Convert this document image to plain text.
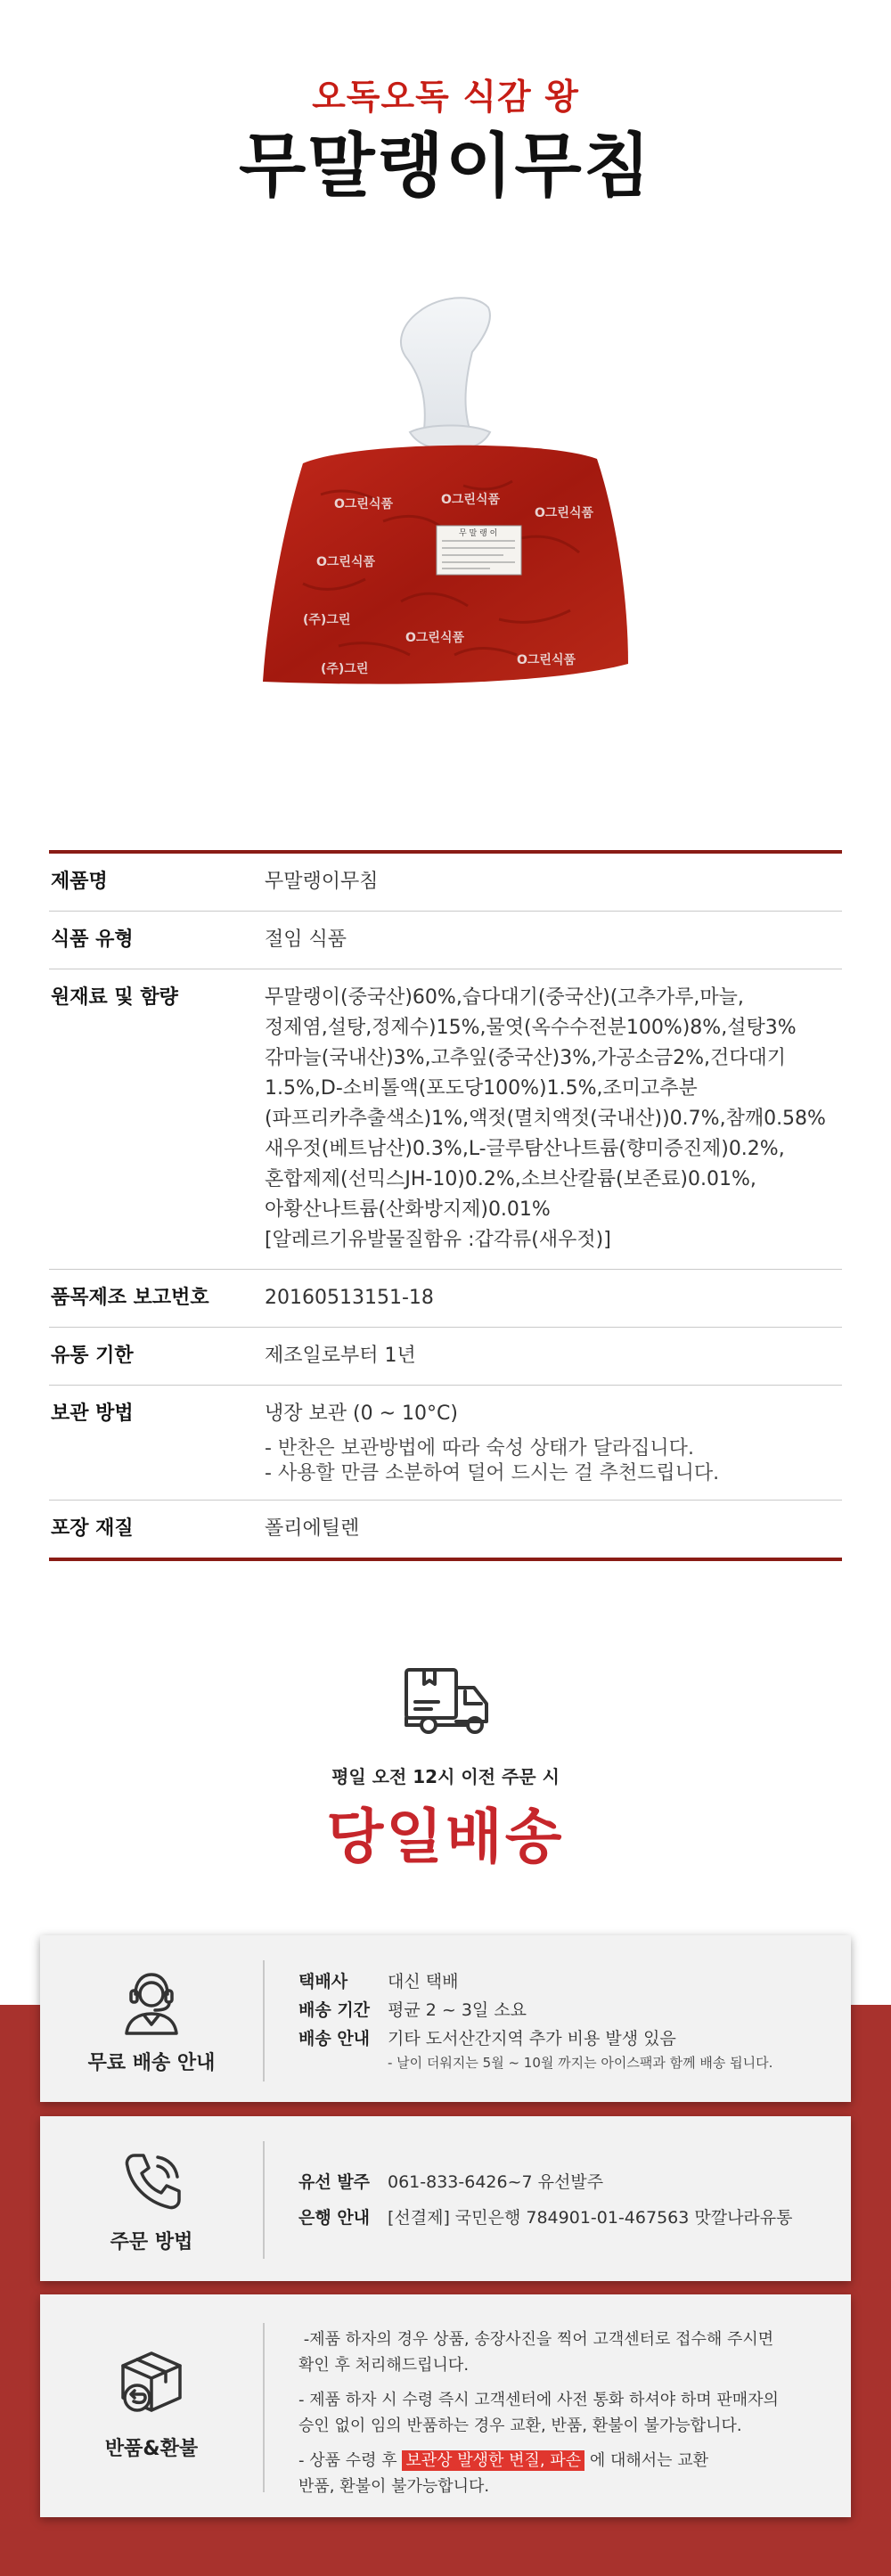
오독오독 식감 왕
무말랭이무침
O그린식품	O그린식품
O그린식품
O그린식품
(주)그린
O그린식품
O그린식품
(주)그린
무 말 랭 이
제품명	무말랭이무침
식품 유형	절임 식품
원재료 및 함량	무말랭이(중국산)60%,습다대기(중국산)(고추가루,마늘,
정제염,설탕,정제수)15%,물엿(옥수수전분100%)8%,설탕3%
갂마늘(국내산)3%,고추잎(중국산)3%,가공소금2%,건다대기
1.5%,D-소비톨액(포도당100%)1.5%,조미고추분
(파프리카추출색소)1%,액젓(멸치액젓(국내산))0.7%,참깨0.58%
새우젓(베트남산)0.3%,L-글루탐산나트륨(향미증진제)0.2%,
혼합제제(선믹스JH-10)0.2%,소브산칼륨(보존료)0.01%,
아황산나트륨(산화방지제)0.01%
[알레르기유발물질함유 :갑각류(새우젓)]
품목제조 보고번호	20160513151-18
유통 기한	제조일로부터 1년
보관 방법	냉장 보관 (0 ~ 10°C)
- 반찬은 보관방법에 따라 숙성 상태가 달라집니다.
- 사용할 만큼 소분하여 덜어 드시는 걸 추천드립니다.
포장 재질	폴리에틸렌
평일 오전 12시 이전 주문 시
당일배송
무료 배송 안내
택배사	대신 택배
배송 기간	평균 2 ~ 3일 소요
배송 안내	기타 도서산간지역 추가 비용 발생 있음
- 날이 더워지는 5월 ~ 10월 까지는 아이스팩과 함께 배송 됩니다.
주문 방법
유선 발주	061-833-6426~7 유선발주
은행 안내	[선결제] 국민은행 784901-01-467563 맛깔나라유통
반품&환불
-제품 하자의 경우 상품, 송장사진을 찍어 고객센터로 접수해 주시면
확인 후 처리해드립니다.
- 제품 하자 시 수령 즉시 고객센터에 사전 통화 하셔야 하며 판매자의
승인 없이 임의 반품하는 경우 교환, 반품, 환불이 불가능합니다.
- 상품 수령 후 보관상 발생한 변질, 파손 에 대해서는 교환
반품, 환불이 불가능합니다.
